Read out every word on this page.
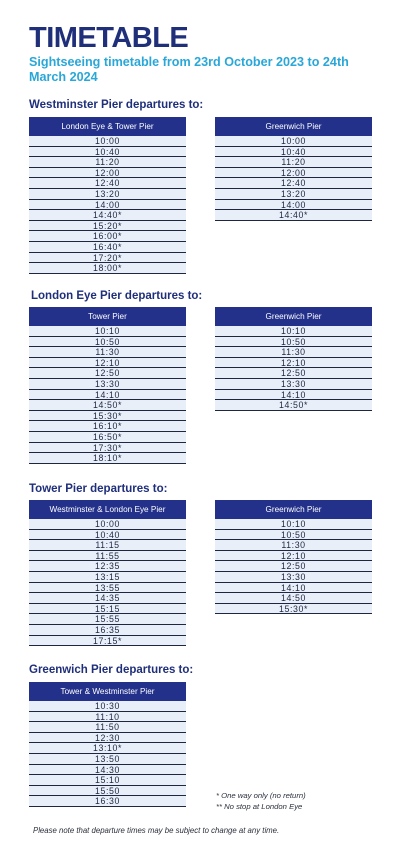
TIMETABLE
Sightseeing timetable from 23rd October 2023 to 24th March 2024
Westminster Pier departures to:
London Eye & Tower Pier
10:00
10:40
11:20
12:00
12:40
13:20
14:00
14:40*
15:20*
16:00*
16:40*
17:20*
18:00*
Greenwich Pier
10:00
10:40
11:20
12:00
12:40
13:20
14:00
14:40*
London Eye Pier departures to:
Tower Pier
10:10
10:50
11:30
12:10
12:50
13:30
14:10
14:50*
15:30*
16:10*
16:50*
17:30*
18:10*
Greenwich Pier
10:10
10:50
11:30
12:10
12:50
13:30
14:10
14:50*
Tower Pier departures to:
Westminster & London Eye Pier
10:00
10:40
11:15
11:55
12:35
13:15
13:55
14:35
15:15
15:55
16:35
17:15*
Greenwich Pier
10:10
10:50
11:30
12:10
12:50
13:30
14:10
14:50
15:30*
Greenwich Pier departures to:
Tower & Westminster Pier
10:30
11:10
11:50
12:30
13:10*
13:50
14:30
15:10
15:50
16:30
* One way only (no return)
** No stop at London Eye
Please note that departure times may be subject to change at any time.
